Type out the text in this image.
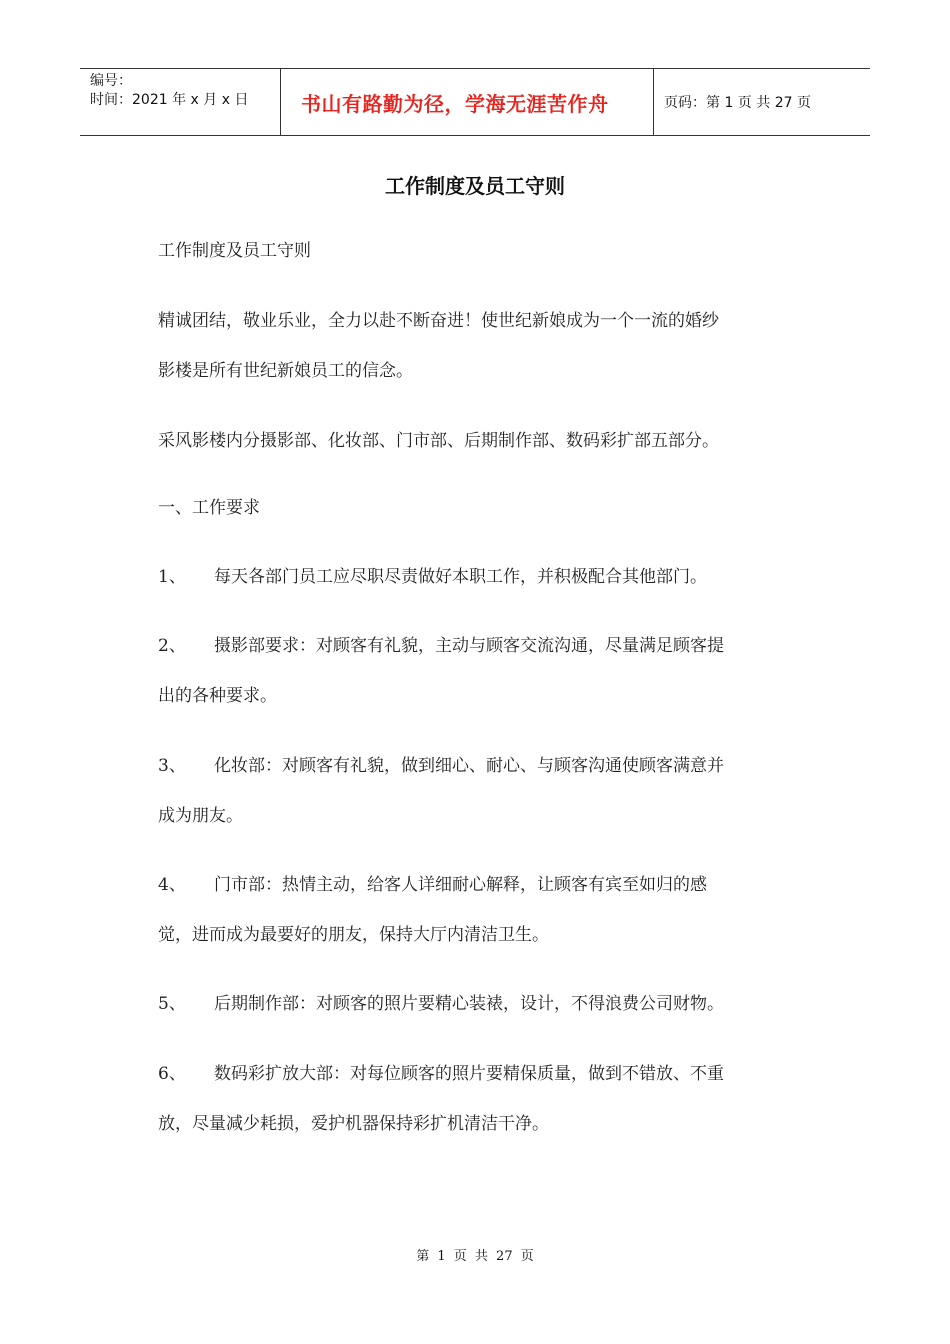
编号：
时间：2021 年 x 月 x 日	书山有路勤为径，学海无涯苦作舟	页码：第 1 页 共 27 页
工作制度及员工守则
工作制度及员工守则
精诚团结，敬业乐业，全力以赴不断奋进！使世纪新娘成为一个一流的婚纱
影楼是所有世纪新娘员工的信念。
采风影楼内分摄影部、化妆部、门市部、后期制作部、数码彩扩部五部分。
一、工作要求
1、 每天各部门员工应尽职尽责做好本职工作，并积极配合其他部门。
2、 摄影部要求：对顾客有礼貌，主动与顾客交流沟通，尽量满足顾客提
出的各种要求。
3、 化妆部：对顾客有礼貌，做到细心、耐心、与顾客沟通使顾客满意并
成为朋友。
4、 门市部：热情主动，给客人详细耐心解释，让顾客有宾至如归的感
觉，进而成为最要好的朋友，保持大厅内清洁卫生。
5、 后期制作部：对顾客的照片要精心装裱，设计，不得浪费公司财物。
6、 数码彩扩放大部：对每位顾客的照片要精保质量，做到不错放、不重
放，尽量减少耗损，爱护机器保持彩扩机清洁干净。
第 1 页 共 27 页
